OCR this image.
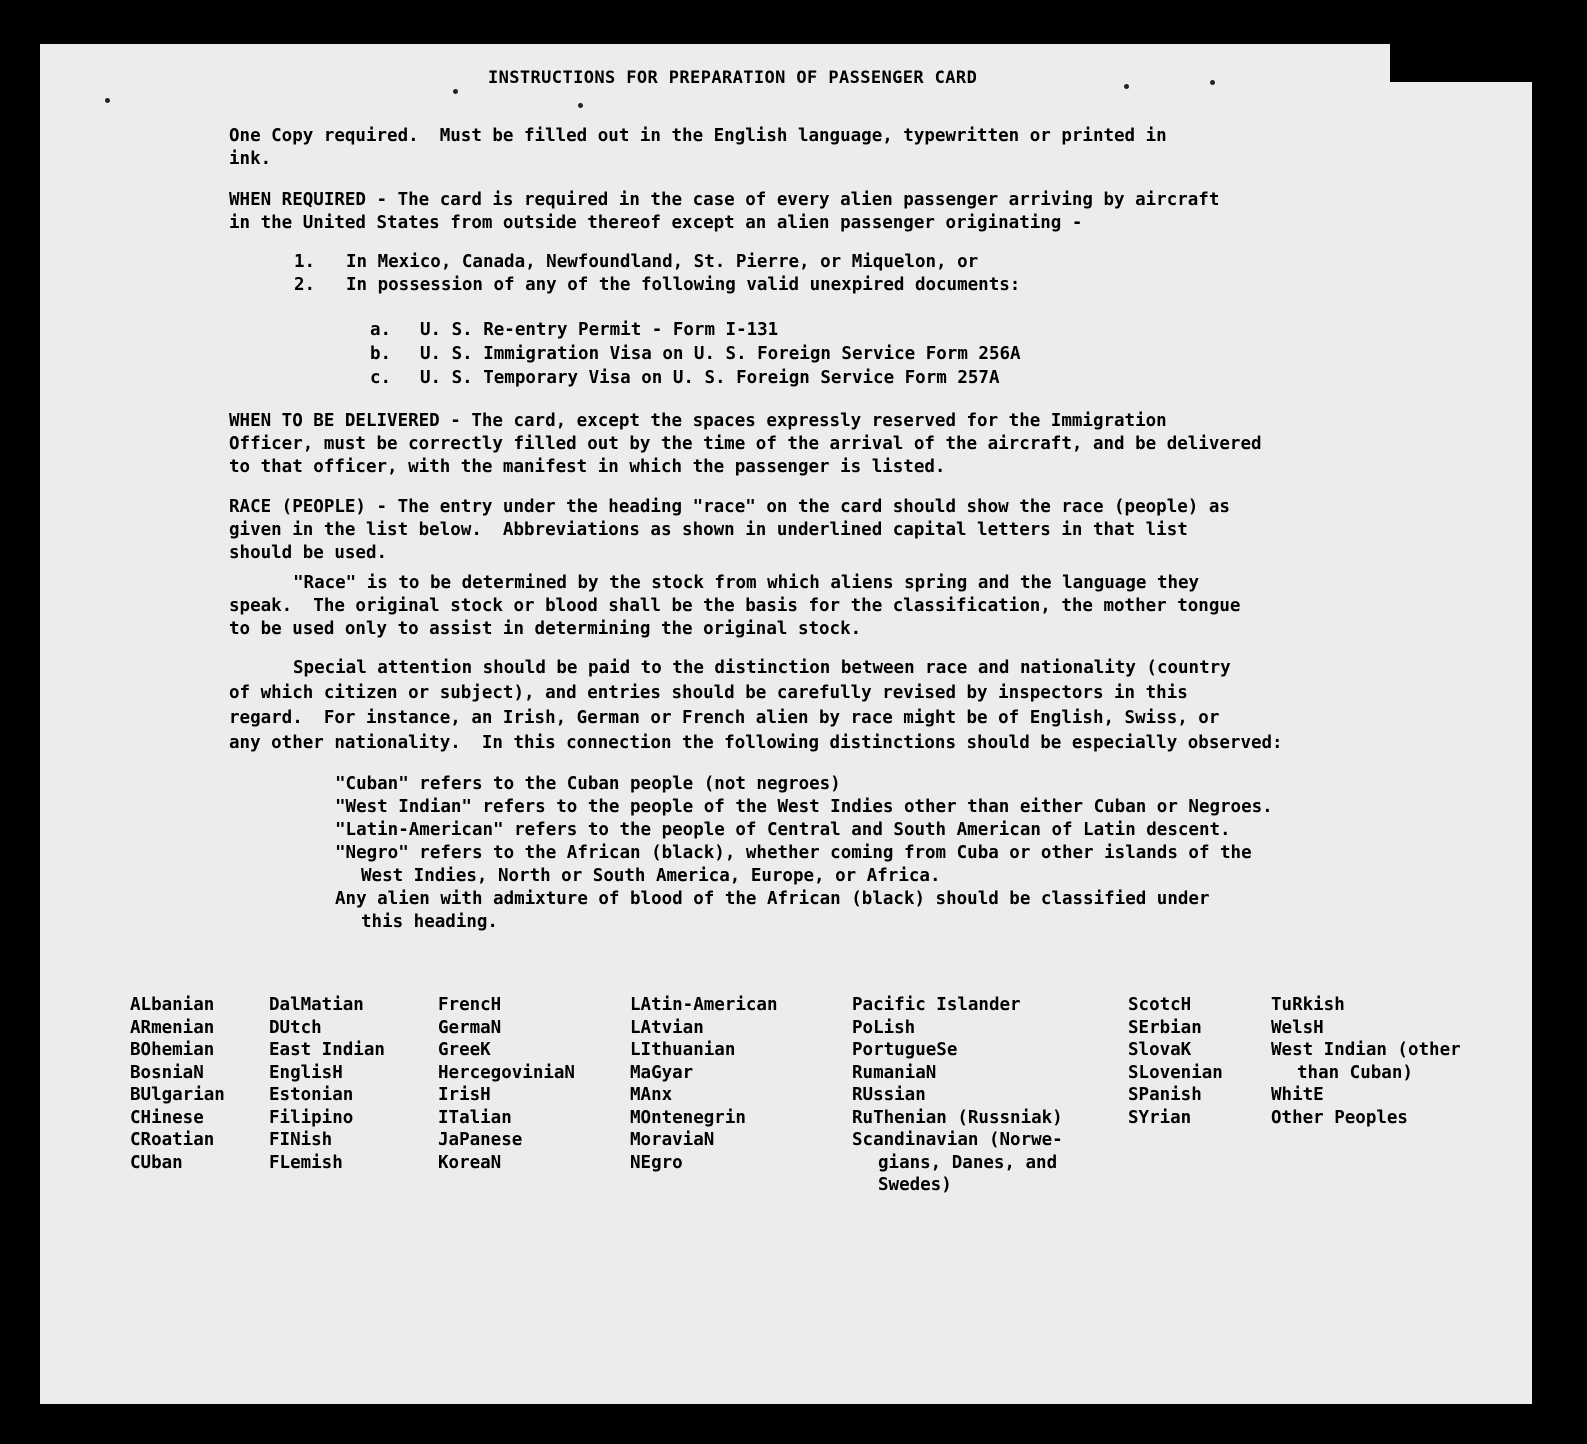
INSTRUCTIONS FOR PREPARATION OF PASSENGER CARD

One Copy required.  Must be filled out in the English language, typewritten or printed in

ink.

WHEN REQUIRED - The card is required in the case of every alien passenger arriving by aircraft

in the United States from outside thereof except an alien passenger originating -

1. In Mexico, Canada, Newfoundland, St. Pierre, or Miquelon, or
2. In possession of any of the following valid unexpired documents:
a. U. S. Re-entry Permit - Form I-131
b. U. S. Immigration Visa on U. S. Foreign Service Form 256A
c. U. S. Temporary Visa on U. S. Foreign Service Form 257A

WHEN TO BE DELIVERED - The card, except the spaces expressly reserved for the Immigration

Officer, must be correctly filled out by the time of the arrival of the aircraft, and be delivered

to that officer, with the manifest in which the passenger is listed.

RACE (PEOPLE) - The entry under the heading "race" on the card should show the race (people) as

given in the list below.  Abbreviations as shown in underlined capital letters in that list

should be used.

"Race" is to be determined by the stock from which aliens spring and the language they

speak.  The original stock or blood shall be the basis for the classification, the mother tongue

to be used only to assist in determining the original stock.

Special attention should be paid to the distinction between race and nationality (country

of which citizen or subject), and entries should be carefully revised by inspectors in this

regard.  For instance, an Irish, German or French alien by race might be of English, Swiss, or

any other nationality.  In this connection the following distinctions should be especially observed:

"Cuban" refers to the Cuban people (not negroes)
"West Indian" refers to the people of the West Indies other than either Cuban or Negroes.
"Latin-American" refers to the people of Central and South American of Latin descent.
"Negro" refers to the African (black), whether coming from Cuba or other islands of the
West Indies, North or South America, Europe, or Africa.
Any alien with admixture of blood of the African (black) should be classified under
this heading.
ALbanian
ARmenian
BOhemian
BosniaN
BUlgarian
CHinese
CRoatian
CUban
DalMatian
DUtch
East Indian
EnglisH
Estonian
Filipino
FINish
FLemish
FrencH
GermaN
GreeK
HercegoviniaN
IrisH
ITalian
JaPanese
KoreaN
LAtin-American
LAtvian
LIthuanian
MaGyar
MAnx
MOntenegrin
MoraviaN
NEgro
Pacific Islander
PoLish
PortugueSe
RumaniaN
RUssian
RuThenian (Russniak)
Scandinavian (Norwe-
gians, Danes, and
Swedes)
ScotcH
SErbian
SlovaK
SLovenian
SPanish
SYrian
TuRkish
WelsH
West Indian (other
than Cuban)
WhitE
Other Peoples
